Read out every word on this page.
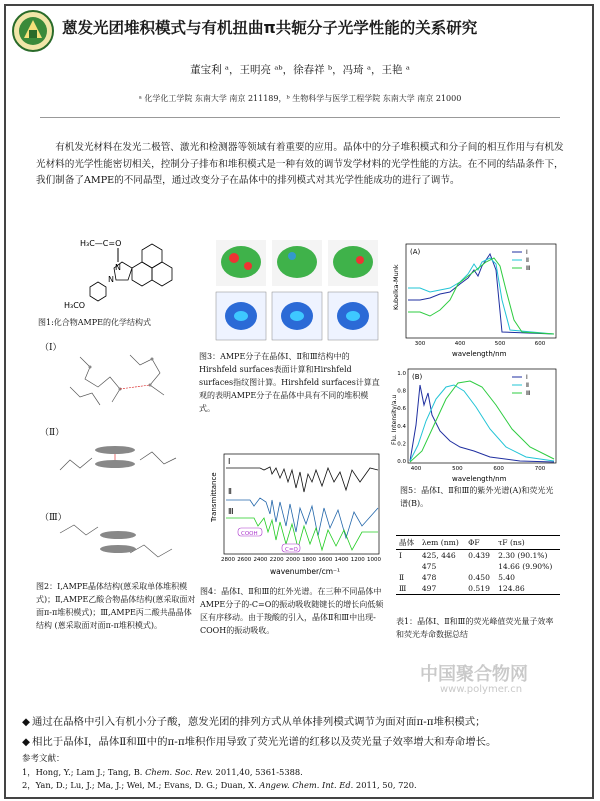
蒽发光团堆积模式与有机扭曲π共轭分子光学性能的关系研究
董宝利 ᵃ，王明亮 ᵃᵇ，徐春祥 ᵇ，冯琦 ᵃ，王艳 ᵃ
ᵃ 化学化工学院 东南大学 南京 211189，ᵇ 生物科学与医学工程学院 东南大学 南京 21000
有机发光材料在发光二极管、激光和检测器等领域有着重要的应用。晶体中的分子堆积模式和分子间的相互作用与有机发光材料的光学性能密切相关，控制分子排布和堆积模式是一种有效的调节发学材料的光学性能的方法。在不同的结晶条件下，我们制备了AMPE的不同晶型，通过改变分子在晶体中的排列模式对其光学性能成功的进行了调节。
H₃C—C=O
N
N
H₃CO
图1:化合物AMPE的化学结构式
（Ⅰ）
（Ⅱ）
（Ⅲ）
图2：Ⅰ,AMPE晶体结构(蒽采取单体堆积模式)；Ⅱ,AMPE乙酸合物晶体结构(蒽采取面对面π-π堆积模式)；Ⅲ,AMPE丙二酸共晶晶体结构 (蒽采取面对面π-π堆积模式)。
图3：AMPE分子在晶体Ⅰ、Ⅱ和Ⅲ结构中的Hirshfeld surfaces表面计算和Hirshfeld surfaces指纹图计算。Hirshfeld surfaces计算直观的表明AMPE分子在晶体中具有不同的堆积模式。
Transmittance
2800 2600 2400 2200 2000 1800 1600 1400 1200 1000
wavenumber/cm⁻¹
Ⅰ
Ⅱ
Ⅲ
COOH
C=O
图4：晶体Ⅰ、Ⅱ和Ⅲ的红外光谱。在三种不同晶体中AMPE分子的-C=O的振动吸收随键长的增长向低频区有序移动。由于羧酸的引入，晶体Ⅱ和Ⅲ中出现-COOH的振动吸收。
(A)
Kubelka-Munk
300	400	500	600
wavelength/nm
Ⅰ
Ⅱ
Ⅲ
(B)
Flu. Intensity/a.u
1.0
0.8
0.6
0.4
0.2
0.0
400	500	600	700
wavelength/nm
Ⅰ
Ⅱ
Ⅲ
图5：晶体Ⅰ、Ⅱ和Ⅲ的紫外光谱(A)和荧光光谱(B)。
晶体	λem (nm)	ΦF	τF (ns)
Ⅰ	425, 446	0.439	2.30 (90.1%)
	475		14.66 (9.90%)
Ⅱ	478	0.450	5.40
Ⅲ	497	0.519	124.86
表1：晶体Ⅰ、Ⅱ和Ⅲ的荧光峰值荧光量子效率和荧光寿命数据总结
中国聚合物网
www.polymer.cn
◆ 通过在晶格中引入有机小分子酸，蒽发光团的排列方式从单体排列模式调节为面对面π-π堆积模式；
◆ 相比于晶体Ⅰ，晶体Ⅱ和Ⅲ中的π-π堆积作用导致了荧光光谱的红移以及荧光量子效率增大和寿命增长。
参考文献：
1，Hong, Y.; Lam J.; Tang, B. Chem. Soc. Rev. 2011,40, 5361-5388.
2，Yan, D.; Lu, J.; Ma, J.; Wei, M.; Evans, D. G.; Duan, X. Angew. Chem. Int. Ed. 2011, 50, 720.
